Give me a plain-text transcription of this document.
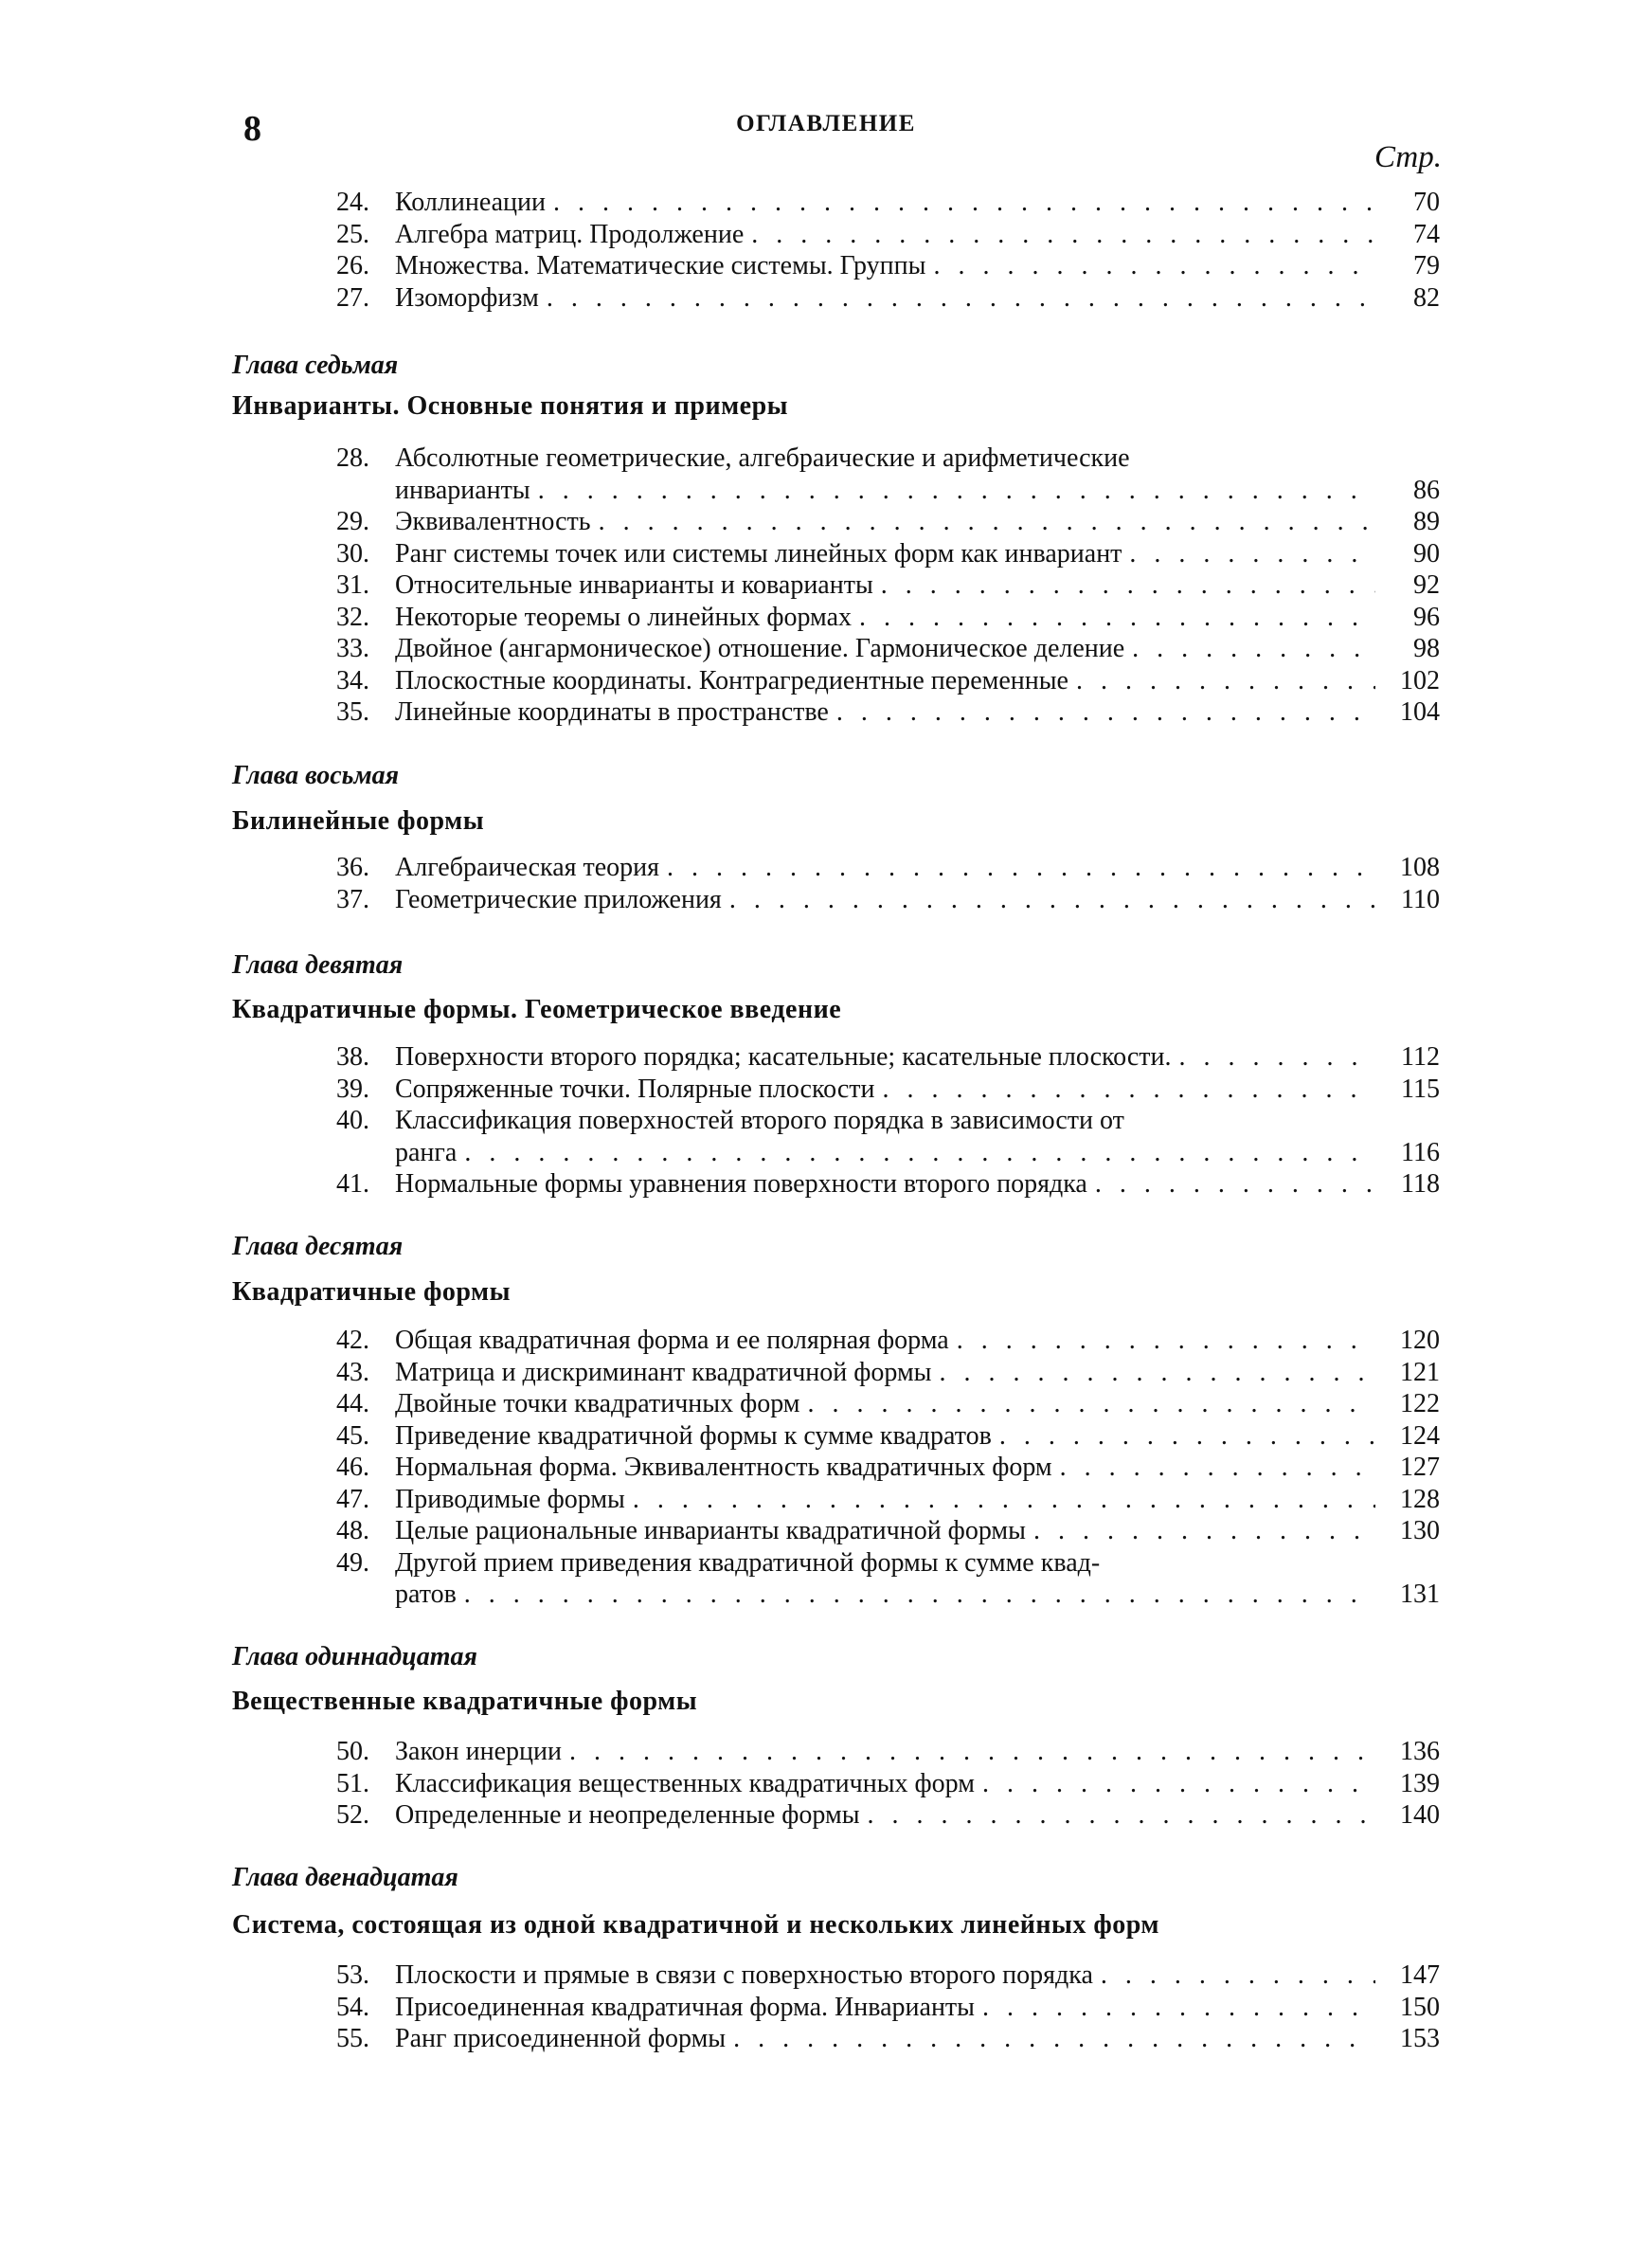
8	ОГЛАВЛЕНИЕ
Стр.
24. Коллинеации . . .	70
25. Алгебра матриц. Продолжение . . .	74
26. Множества. Математические системы. Группы . . .	79
27. Изоморфизм . . .	82
Глава седьмая
Инварианты. Основные понятия и примеры
28. Абсолютные геометрические, алгебраические и арифметические
инварианты . . .	86
29. Эквивалентность . . .	89
30. Ранг системы точек или системы линейных форм как инвариант . . .	90
31. Относительные инварианты и коварианты . . .	92
32. Некоторые теоремы о линейных формах . . .	96
33. Двойное (ангармоническое) отношение. Гармоническое деление . . .	98
34. Плоскостные координаты. Контрагредиентные переменные . . .	102
35. Линейные координаты в пространстве . . .	104
Глава восьмая
Билинейные формы
36. Алгебраическая теория . . .	108
37. Геометрические приложения . . .	110
Глава девятая
Квадратичные формы. Геометрическое введение
38. Поверхности второго порядка; касательные; касательные плоскости. . . .	112
39. Сопряженные точки. Полярные плоскости . . .	115
40. Классификация поверхностей второго порядка в зависимости от
ранга . . .	116
41. Нормальные формы уравнения поверхности второго порядка . . .	118
Глава десятая
Квадратичные формы
42. Общая квадратичная форма и ее полярная форма . . .	120
43. Матрица и дискриминант квадратичной формы . . .	121
44. Двойные точки квадратичных форм . . .	122
45. Приведение квадратичной формы к сумме квадратов . . .	124
46. Нормальная форма. Эквивалентность квадратичных форм . . .	127
47. Приводимые формы . . .	128
48. Целые рациональные инварианты квадратичной формы . . .	130
49. Другой прием приведения квадратичной формы к сумме квад-
ратов . . .	131
Глава одиннадцатая
Вещественные квадратичные формы
50. Закон инерции . . .	136
51. Классификация вещественных квадратичных форм . . .	139
52. Определенные и неопределенные формы . . .	140
Глава двенадцатая
Система, состоящая из одной квадратичной и нескольких линейных форм
53. Плоскости и прямые в связи с поверхностью второго порядка . . .	147
54. Присоединенная квадратичная форма. Инварианты . . .	150
55. Ранг присоединенной формы . . .	153
